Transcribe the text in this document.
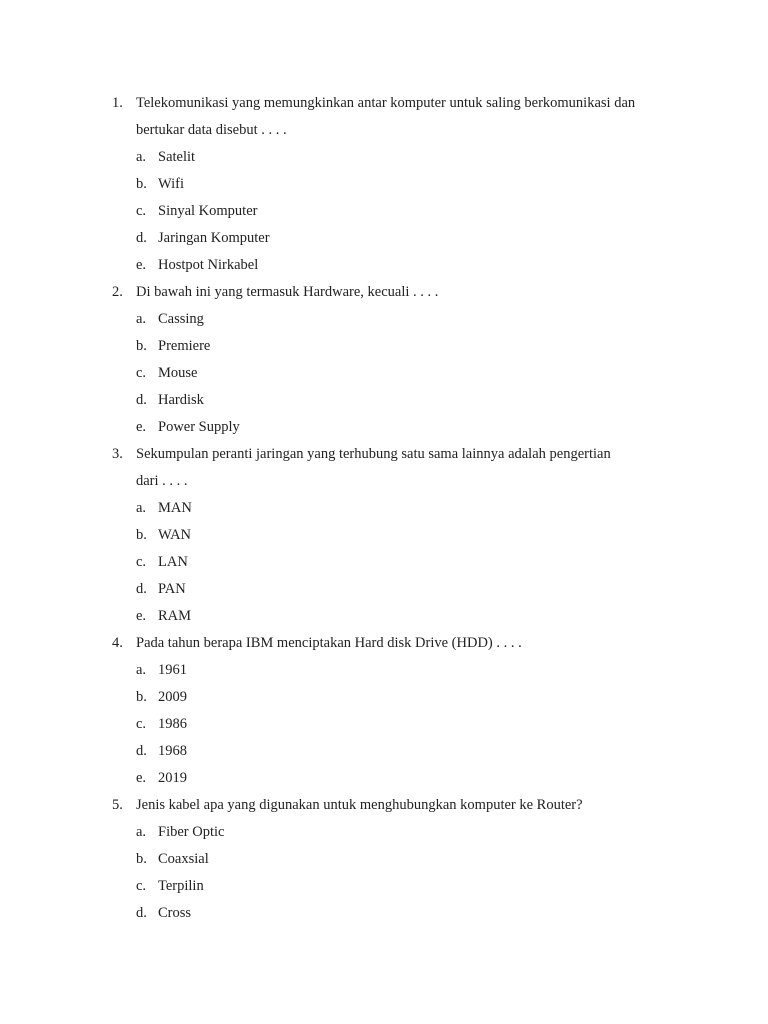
1. Telekomunikasi yang memungkinkan antar komputer untuk saling berkomunikasi dan
bertukar data disebut . . . .
a. Satelit
b. Wifi
c. Sinyal Komputer
d. Jaringan Komputer
e. Hostpot Nirkabel
2. Di bawah ini yang termasuk Hardware, kecuali . . . .
a. Cassing
b. Premiere
c. Mouse
d. Hardisk
e. Power Supply
3. Sekumpulan peranti jaringan yang terhubung satu sama lainnya adalah pengertian
dari . . . .
a. MAN
b. WAN
c. LAN
d. PAN
e. RAM
4. Pada tahun berapa IBM menciptakan Hard disk Drive (HDD) . . . .
a. 1961
b. 2009
c. 1986
d. 1968
e. 2019
5. Jenis kabel apa yang digunakan untuk menghubungkan komputer ke Router?
a. Fiber Optic
b. Coaxsial
c. Terpilin
d. Cross
